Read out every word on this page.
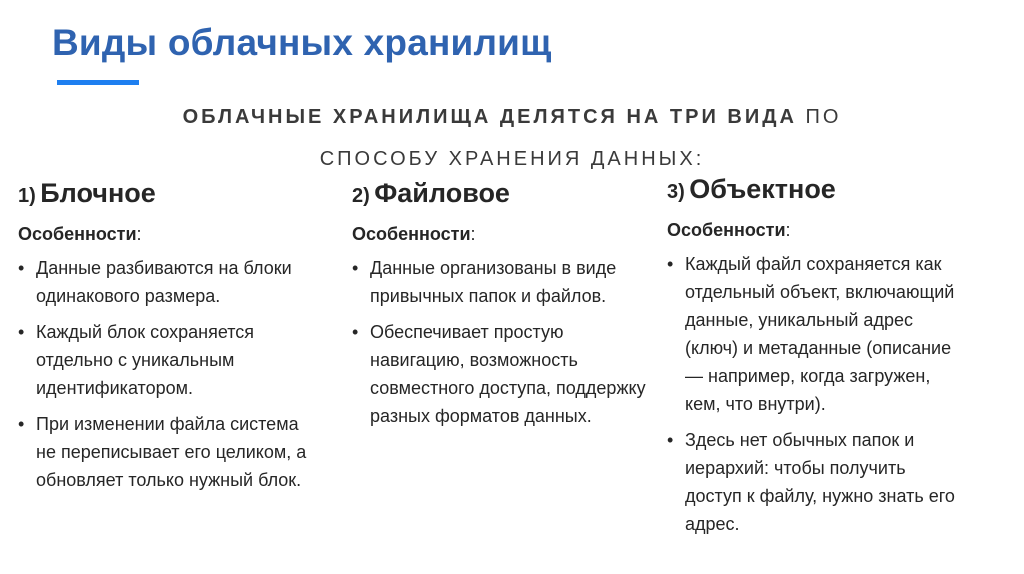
Виды облачных хранилищ
ОБЛАЧНЫЕ ХРАНИЛИЩА ДЕЛЯТСЯ НА ТРИ ВИДА ПО
СПОСОБУ ХРАНЕНИЯ ДАННЫХ:

1) Блочное

Особенности:

• Данные разбиваются на блоки одинакового размера.
• Каждый блок сохраняется отдельно с уникальным идентификатором.
• При изменении файла система не переписывает его целиком, а обновляет только нужный блок.

2) Файловое

Особенности:

• Данные организованы в виде привычных папок и файлов.
• Обеспечивает простую навигацию, возможность совместного доступа, поддержку разных форматов данных.

3) Объектное

Особенности:

• Каждый файл сохраняется как отдельный объект, включающий данные, уникальный адрес (ключ) и метаданные (описание — например, когда загружен, кем, что внутри).
• Здесь нет обычных папок и иерархий: чтобы получить доступ к файлу, нужно знать его адрес.
